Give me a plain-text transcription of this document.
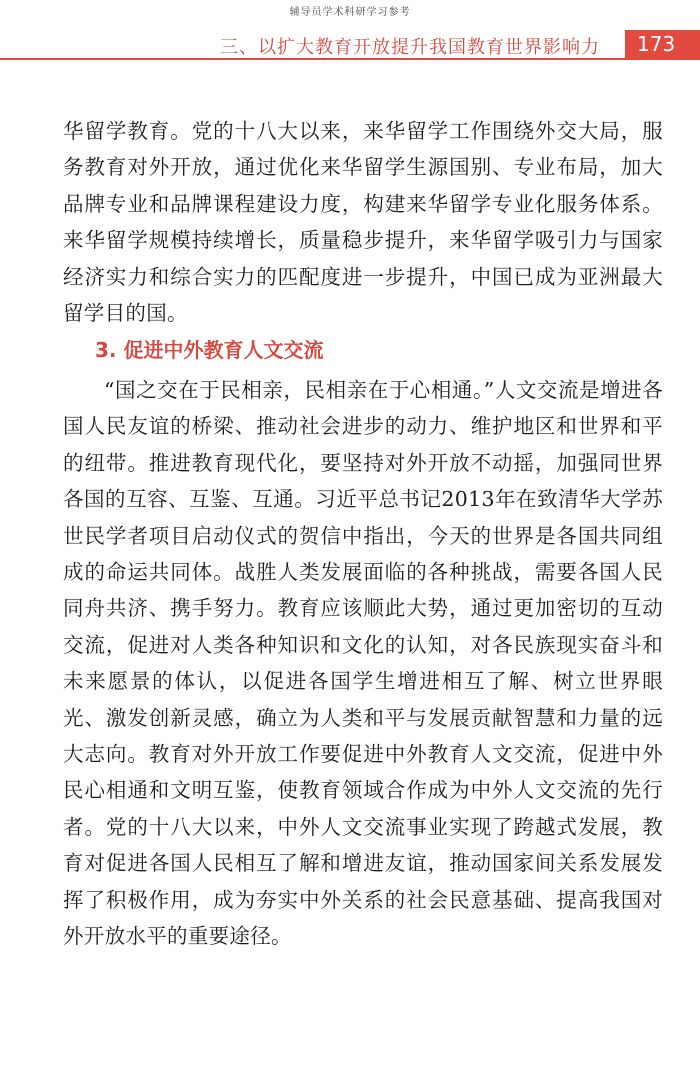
辅导员学术科研学习参考
三、以扩大教育开放提升我国教育世界影响力	173
华留学教育。党的十八大以来，来华留学工作围绕外交大局，服务教育对外开放，通过优化来华留学生源国别、专业布局，加大品牌专业和品牌课程建设力度，构建来华留学专业化服务体系。来华留学规模持续增长，质量稳步提升，来华留学吸引力与国家经济实力和综合实力的匹配度进一步提升，中国已成为亚洲最大留学目的国。
3. 促进中外教育人文交流
“国之交在于民相亲，民相亲在于心相通。”人文交流是增进各国人民友谊的桥梁、推动社会进步的动力、维护地区和世界和平的纽带。推进教育现代化，要坚持对外开放不动摇，加强同世界各国的互容、互鉴、互通。习近平总书记2013年在致清华大学苏世民学者项目启动仪式的贺信中指出，今天的世界是各国共同组成的命运共同体。战胜人类发展面临的各种挑战，需要各国人民同舟共济、携手努力。教育应该顺此大势，通过更加密切的互动交流，促进对人类各种知识和文化的认知，对各民族现实奋斗和未来愿景的体认，以促进各国学生增进相互了解、树立世界眼光、激发创新灵感，确立为人类和平与发展贡献智慧和力量的远大志向。教育对外开放工作要促进中外教育人文交流，促进中外民心相通和文明互鉴，使教育领域合作成为中外人文交流的先行者。党的十八大以来，中外人文交流事业实现了跨越式发展，教育对促进各国人民相互了解和增进友谊，推动国家间关系发展发挥了积极作用，成为夯实中外关系的社会民意基础、提高我国对外开放水平的重要途径。
